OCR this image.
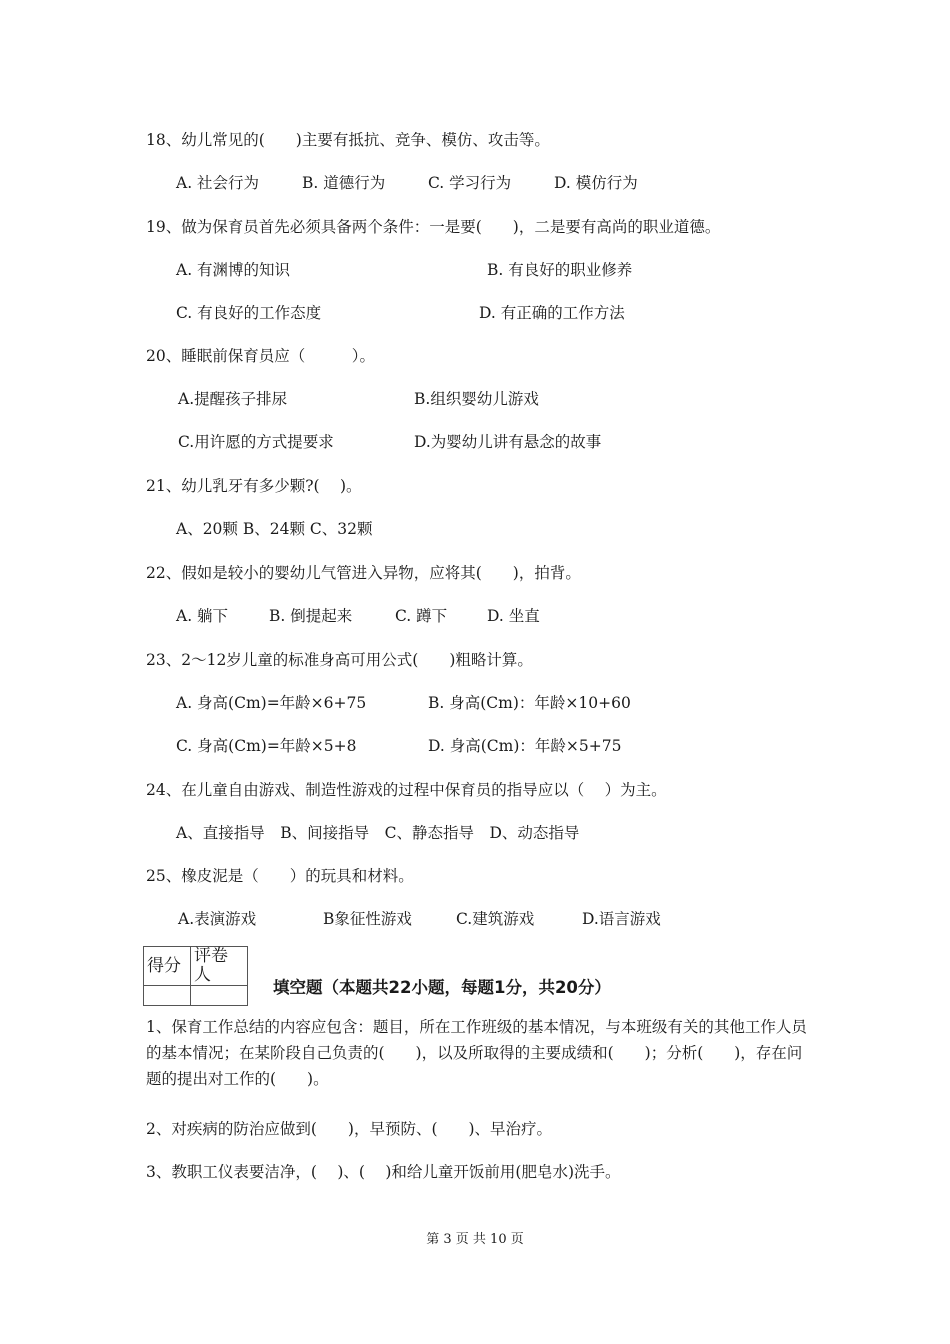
18、幼儿常见的(　　)主要有抵抗、竞争、模仿、攻击等。
A. 社会行为	B. 道德行为	C. 学习行为	D. 模仿行为
19、做为保育员首先必须具备两个条件：一是要(　　)，二是要有高尚的职业道德。
A. 有渊博的知识	B. 有良好的职业修养
C. 有良好的工作态度	D. 有正确的工作方法
20、睡眠前保育员应（　　　）。
A.提醒孩子排尿	B.组织婴幼儿游戏
C.用许愿的方式提要求	D.为婴幼儿讲有悬念的故事
21、幼儿乳牙有多少颗?(　 )。
A、20颗 B、24颗 C、32颗
22、假如是较小的婴幼儿气管进入异物，应将其(　　)，拍背。
A. 躺下	B. 倒提起来	C. 蹲下	D. 坐直
23、2～12岁儿童的标准身高可用公式(　　)粗略计算。
A. 身高(Cm)=年龄×6+75	B. 身高(Cm)：年龄×10+60
C. 身高(Cm)=年龄×5+8	D. 身高(Cm)：年龄×5+75
24、在儿童自由游戏、制造性游戏的过程中保育员的指导应以（　 ）为主。
A、直接指导　B、间接指导　C、静态指导　D、动态指导
25、橡皮泥是（　　）的玩具和材料。
A.表演游戏	B象征性游戏	C.建筑游戏	D.语言游戏
得分	评卷人

填空题（本题共22小题，每题1分，共20分）
1、保育工作总结的内容应包含：题目，所在工作班级的基本情况，与本班级有关的其他工作人员的基本情况；在某阶段自己负责的(　　)，以及所取得的主要成绩和(　　)；分析(　　)，存在问题的提出对工作的(　　)。
2、对疾病的防治应做到(　　)，早预防、(　　)、早治疗。
3、教职工仪表要洁净，(　 )、(　 )和给儿童开饭前用(肥皂水)洗手。
第 3 页 共 10 页
